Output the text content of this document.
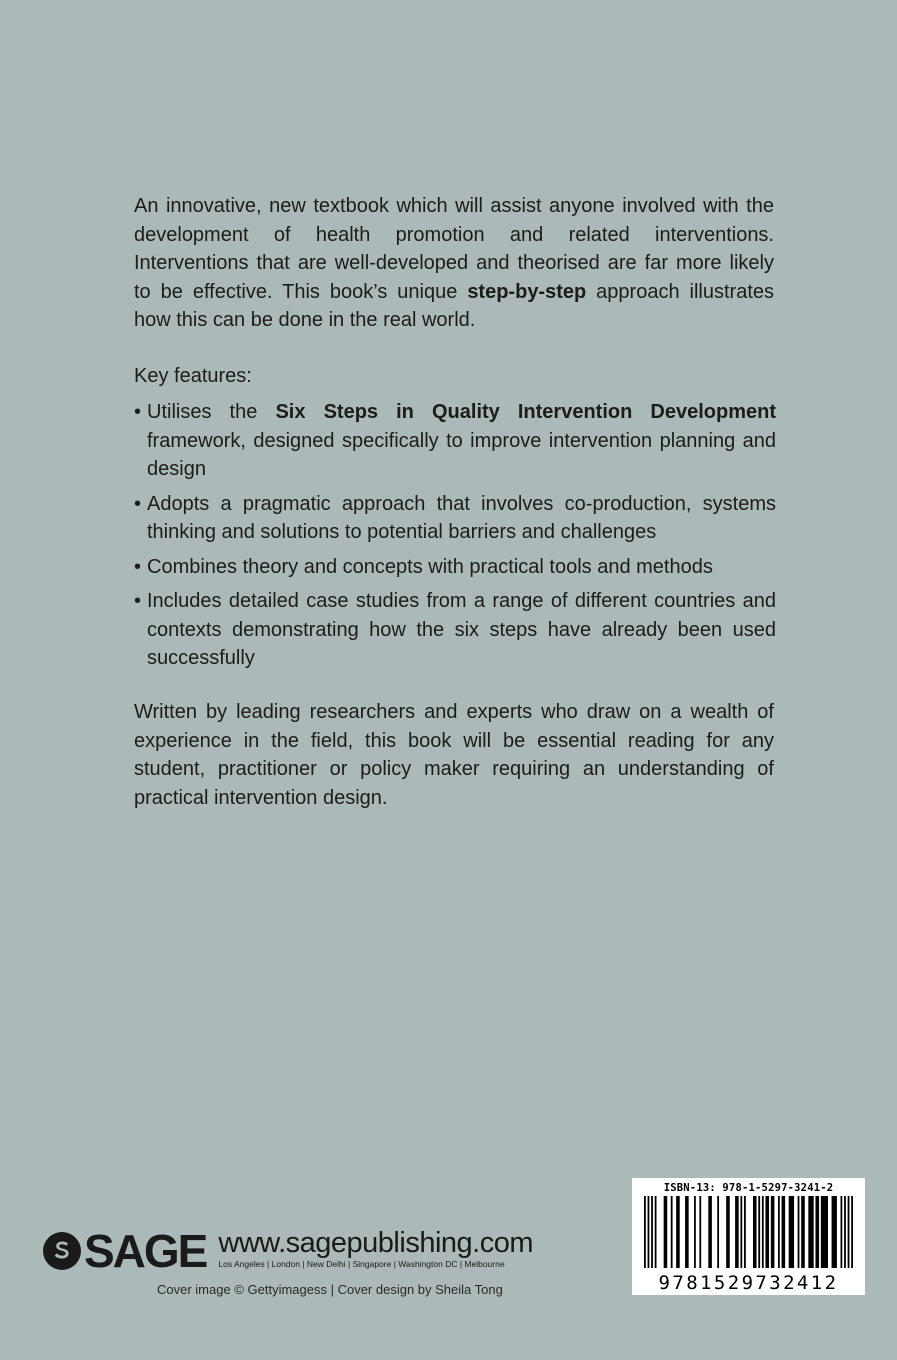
An innovative, new textbook which will assist anyone involved with the development of health promotion and related interventions. Interventions that are well-developed and theorised are far more likely to be effective. This book’s unique step-by-step approach illustrates how this can be done in the real world.

Key features:

• Utilises the Six Steps in Quality Intervention Development framework, designed specifically to improve intervention planning and design
• Adopts a pragmatic approach that involves co-production, systems thinking and solutions to potential barriers and challenges
• Combines theory and concepts with practical tools and methods
• Includes detailed case studies from a range of different countries and contexts demonstrating how the six steps have already been used successfully

Written by leading researchers and experts who draw on a wealth of experience in the field, this book will be essential reading for any student, practitioner or policy maker requiring an understanding of practical intervention design.

SAGE www.sagepublishing.com
Los Angeles | London | New Delhi | Singapore | Washington DC | Melbourne
Cover image © Gettyimagess | Cover design by Sheila Tong
ISBN-13: 978-1-5297-3241-2
9781529732412
